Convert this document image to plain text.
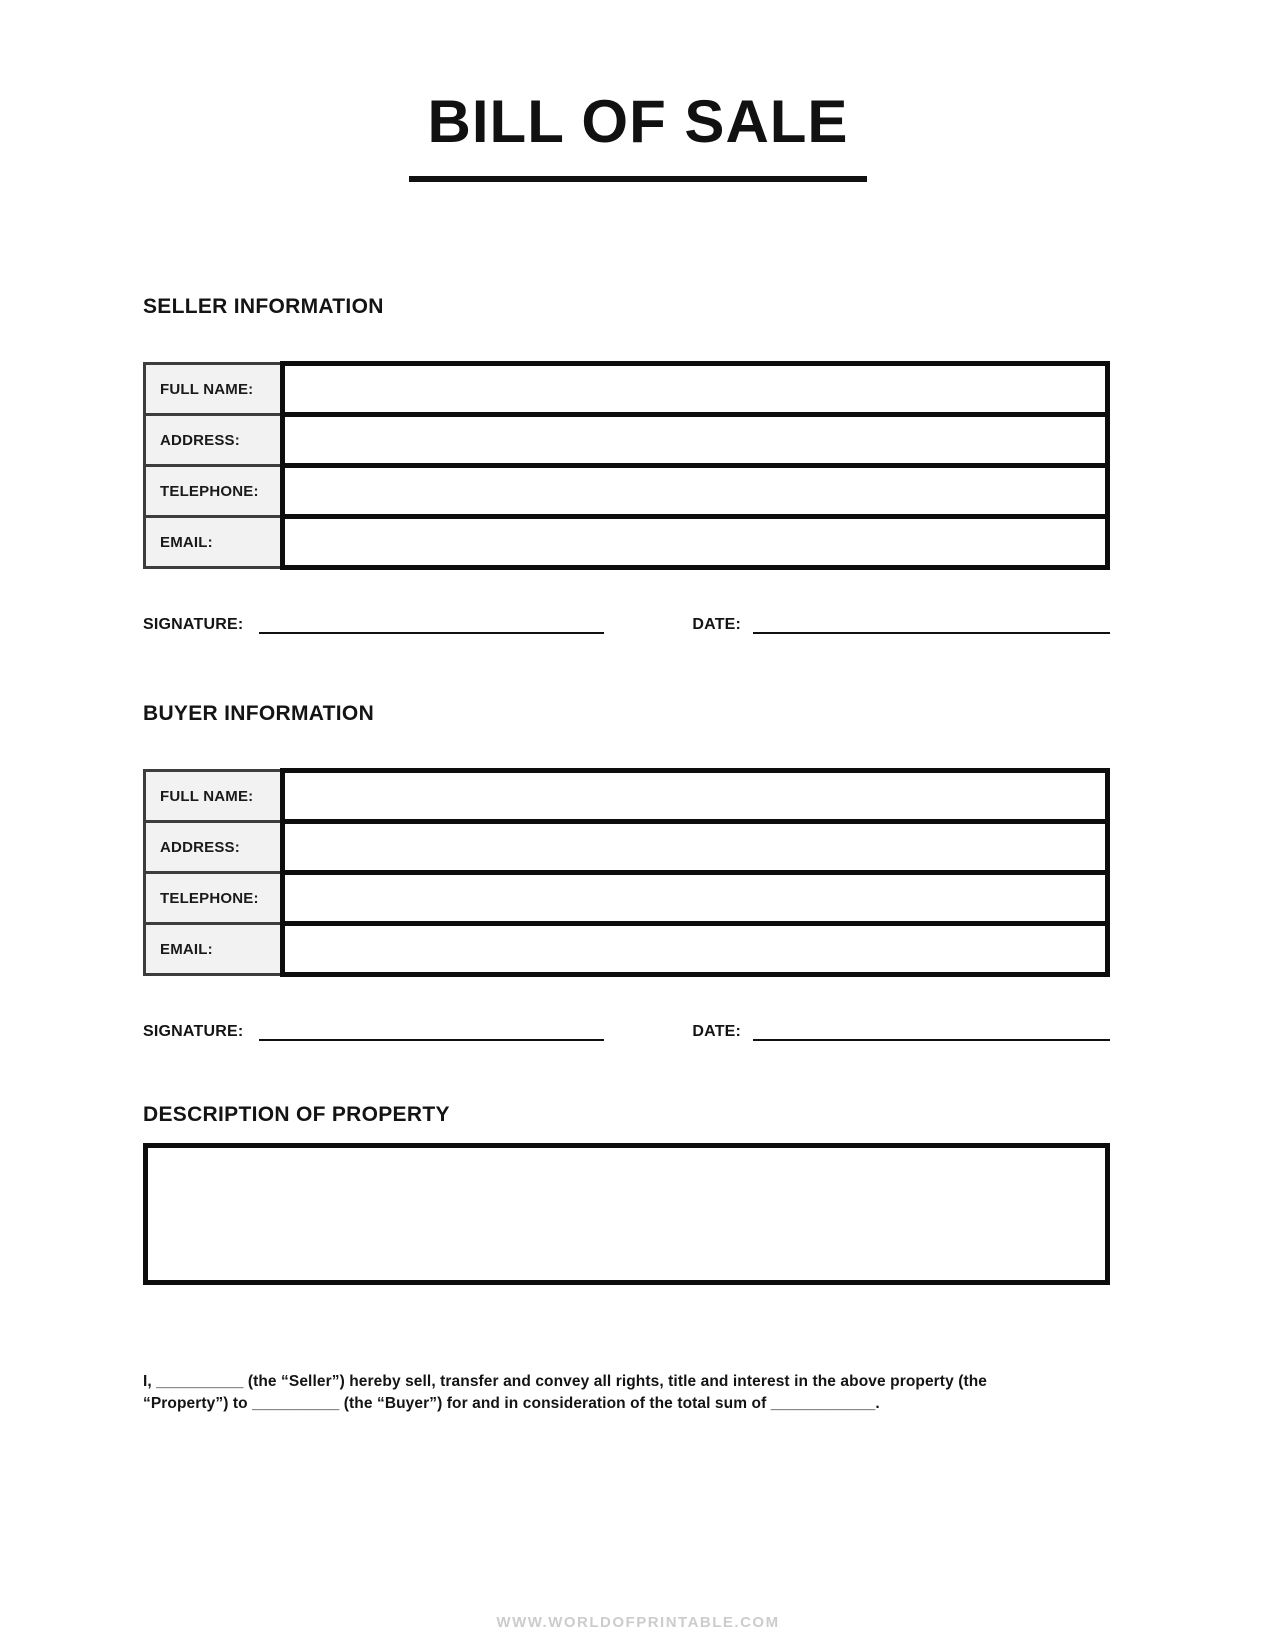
BILL OF SALE
SELLER INFORMATION
FULL NAME:	

ADDRESS:	

TELEPHONE:	

EMAIL:	
SIGNATURE:	DATE:
BUYER INFORMATION
FULL NAME:	

ADDRESS:	

TELEPHONE:	

EMAIL:	
SIGNATURE:	DATE:
DESCRIPTION OF PROPERTY
I, __________ (the “Seller”) hereby sell, transfer and convey all rights, title and interest in the above property (the “Property”) to __________ (the “Buyer”) for and in consideration of the total sum of ____________.
WWW.WORLDOFPRINTABLE.COM
